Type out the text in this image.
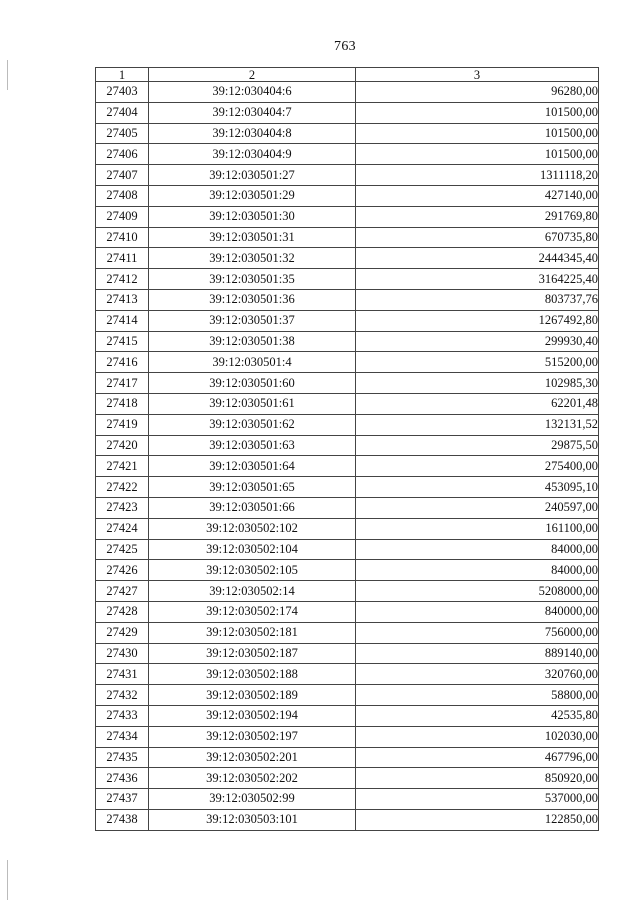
763
1	2	3
27403	39:12:030404:6	96280,00
27404	39:12:030404:7	101500,00
27405	39:12:030404:8	101500,00
27406	39:12:030404:9	101500,00
27407	39:12:030501:27	1311118,20
27408	39:12:030501:29	427140,00
27409	39:12:030501:30	291769,80
27410	39:12:030501:31	670735,80
27411	39:12:030501:32	2444345,40
27412	39:12:030501:35	3164225,40
27413	39:12:030501:36	803737,76
27414	39:12:030501:37	1267492,80
27415	39:12:030501:38	299930,40
27416	39:12:030501:4	515200,00
27417	39:12:030501:60	102985,30
27418	39:12:030501:61	62201,48
27419	39:12:030501:62	132131,52
27420	39:12:030501:63	29875,50
27421	39:12:030501:64	275400,00
27422	39:12:030501:65	453095,10
27423	39:12:030501:66	240597,00
27424	39:12:030502:102	161100,00
27425	39:12:030502:104	84000,00
27426	39:12:030502:105	84000,00
27427	39:12:030502:14	5208000,00
27428	39:12:030502:174	840000,00
27429	39:12:030502:181	756000,00
27430	39:12:030502:187	889140,00
27431	39:12:030502:188	320760,00
27432	39:12:030502:189	58800,00
27433	39:12:030502:194	42535,80
27434	39:12:030502:197	102030,00
27435	39:12:030502:201	467796,00
27436	39:12:030502:202	850920,00
27437	39:12:030502:99	537000,00
27438	39:12:030503:101	122850,00
